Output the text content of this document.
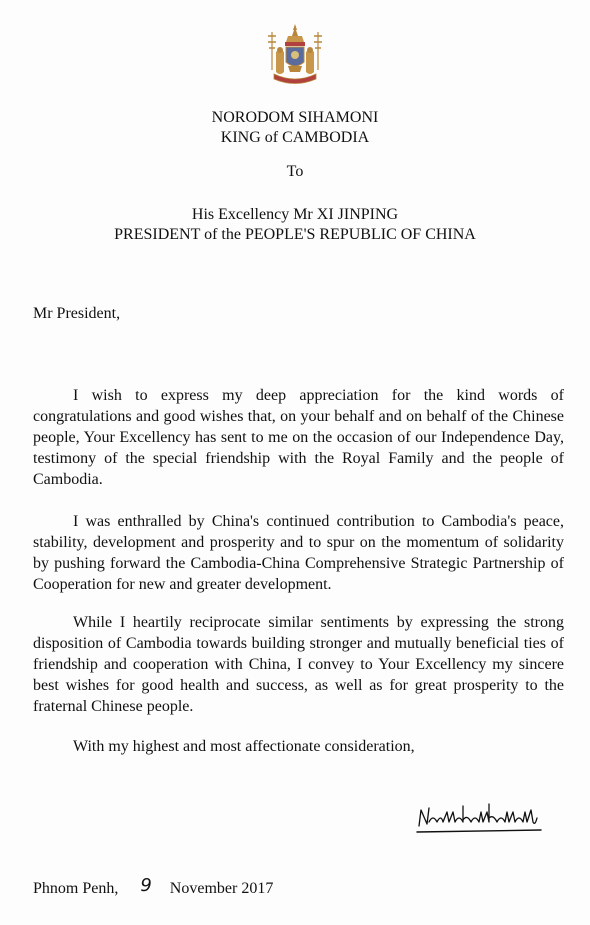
NORODOM SIHAMONI
KING of CAMBODIA
To
His Excellency Mr XI JINPING
PRESIDENT of the PEOPLE'S REPUBLIC OF CHINA
Mr President,

I wish to express my deep appreciation for the kind words of congratulations and good wishes that, on your behalf and on behalf of the Chinese people, Your Excellency has sent to me on the occasion of our Independence Day, testimony of the special friendship with the Royal Family and the people of Cambodia.

I was enthralled by China's continued contribution to Cambodia's peace, stability, development and prosperity and to spur on the momentum of solidarity by pushing forward the Cambodia-China Comprehensive Strategic Partnership of Cooperation for new and greater development.

While I heartily reciprocate similar sentiments by expressing the strong disposition of Cambodia towards building stronger and mutually beneficial ties of friendship and cooperation with China, I convey to Your Excellency my sincere best wishes for good health and success, as well as for great prosperity to the fraternal Chinese people.

With my highest and most affectionate consideration,
Phnom Penh, 9 November 2017
